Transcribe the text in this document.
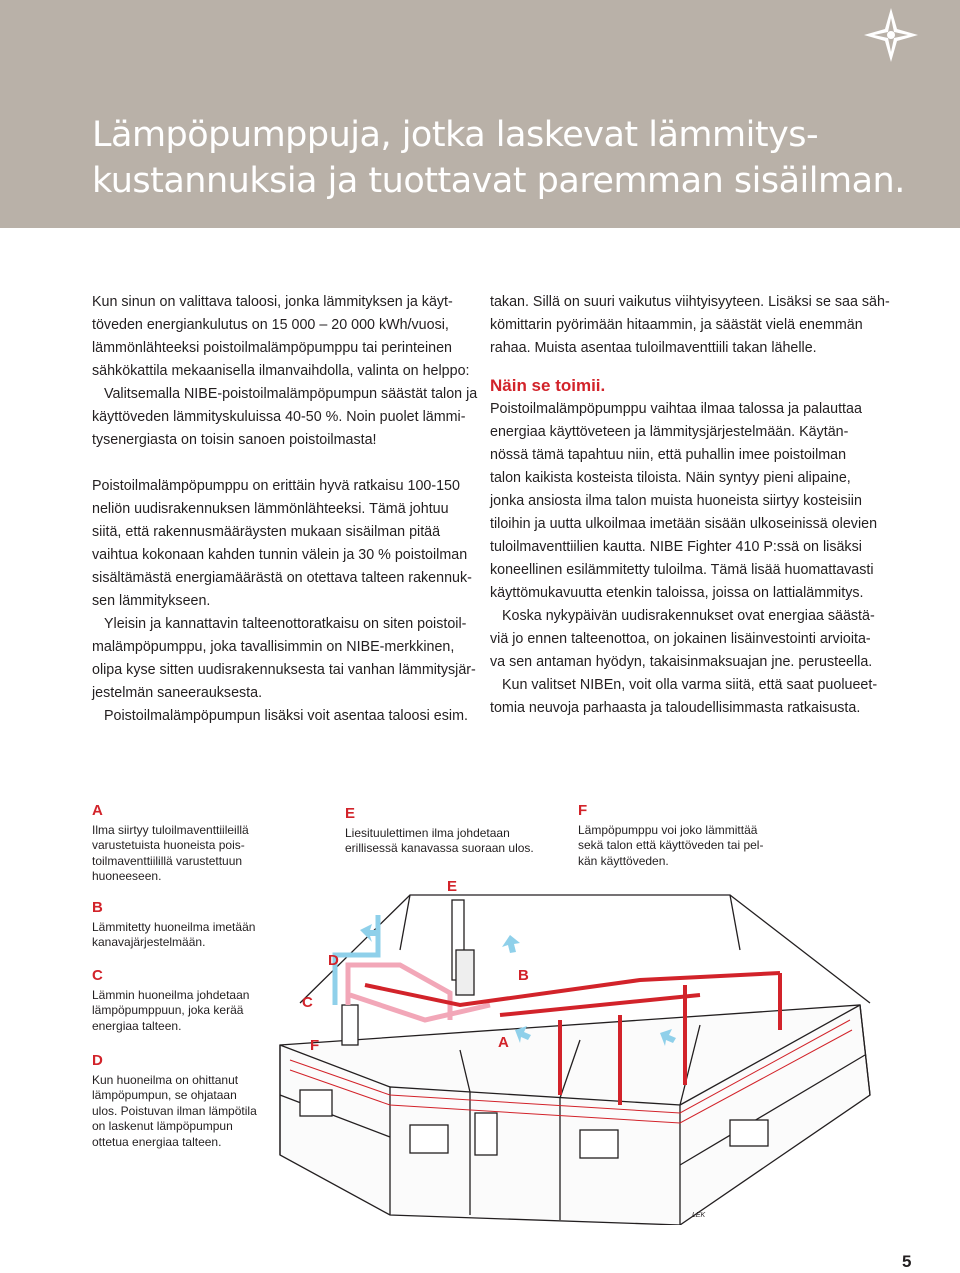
Lämpöpumppuja, jotka laskevat lämmitys-
kustannuksia ja tuottavat paremman sisäilman.

Kun sinun on valittava taloosi, jonka lämmityksen ja käyt-
töveden energiankulutus on 15 000 – 20 000 kWh/vuosi,
lämmönlähteeksi poistoilmalämpöpumppu tai perinteinen
sähkökattila mekaanisella ilmanvaihdolla, valinta on helppo:

Valitsemalla NIBE-poistoilmalämpöpumpun säästät talon ja
käyttöveden lämmityskuluissa 40-50 %. Noin puolet lämmi-
tysenergiasta on toisin sanoen poistoilmasta!

Poistoilmalämpöpumppu on erittäin hyvä ratkaisu 100-150
neliön uudisrakennuksen lämmönlähteeksi. Tämä johtuu
siitä, että rakennusmääräysten mukaan sisäilman pitää
vaihtua kokonaan kahden tunnin välein ja 30 % poistoilman
sisältämästä energiamäärästä on otettava talteen rakennuk-
sen lämmitykseen.

Yleisin ja kannattavin talteenottoratkaisu on siten poistoil-
malämpöpumppu, joka tavallisimmin on NIBE-merkkinen,
olipa kyse sitten uudisrakennuksesta tai vanhan lämmitysjär-
jestelmän saneerauksesta.

Poistoilmalämpöpumpun lisäksi voit asentaa taloosi esim.

takan. Sillä on suuri vaikutus viihtyisyyteen. Lisäksi se saa säh-
kömittarin pyörimään hitaammin, ja säästät vielä enemmän
rahaa. Muista asentaa tuloilmaventtiili takan lähelle.

Näin se toimii.

Poistoilmalämpöpumppu vaihtaa ilmaa talossa ja palauttaa
energiaa käyttöveteen ja lämmitysjärjestelmään. Käytän-
nössä tämä tapahtuu niin, että puhallin imee poistoilman
talon kaikista kosteista tiloista. Näin syntyy pieni alipaine,
jonka ansiosta ilma talon muista huoneista siirtyy kosteisiin
tiloihin ja uutta ulkoilmaa imetään sisään ulkoseinissä olevien
tuloilmaventtiilien kautta. NIBE Fighter 410 P:ssä on lisäksi
koneellinen esilämmitetty tuloilma. Tämä lisää huomattavasti
käyttömukavuutta etenkin taloissa, joissa on lattialämmitys.

Koska nykypäivän uudisrakennukset ovat energiaa säästä-
viä jo ennen talteenottoa, on jokainen lisäinvestointi arvioita-
va sen antaman hyödyn, takaisinmaksuajan jne. perusteella.

Kun valitset NIBEn, voit olla varma siitä, että saat puolueet-
tomia neuvoja parhaasta ja taloudellisimmasta ratkaisusta.

A

Ilma siirtyy tuloilmaventtiileillä
varustetuista huoneista pois-
toilmaventtiilillä varustettuun
huoneeseen.

B

Lämmitetty huoneilma imetään
kanavajärjestelmään.

C

Lämmin huoneilma johdetaan
lämpöpumppuun, joka kerää
energiaa talteen.

D

Kun huoneilma on ohittanut
lämpöpumpun, se ohjataan
ulos. Poistuvan ilman lämpötila
on laskenut lämpöpumpun
ottetua energiaa talteen.

E

Liesituulettimen ilma johdetaan
erillisessä kanavassa suoraan ulos.

F

Lämpöpumppu voi joko lämmittää
sekä talon että käyttöveden tai pel-
kän käyttöveden.

A
B
C
D
E
F
LEK
5
